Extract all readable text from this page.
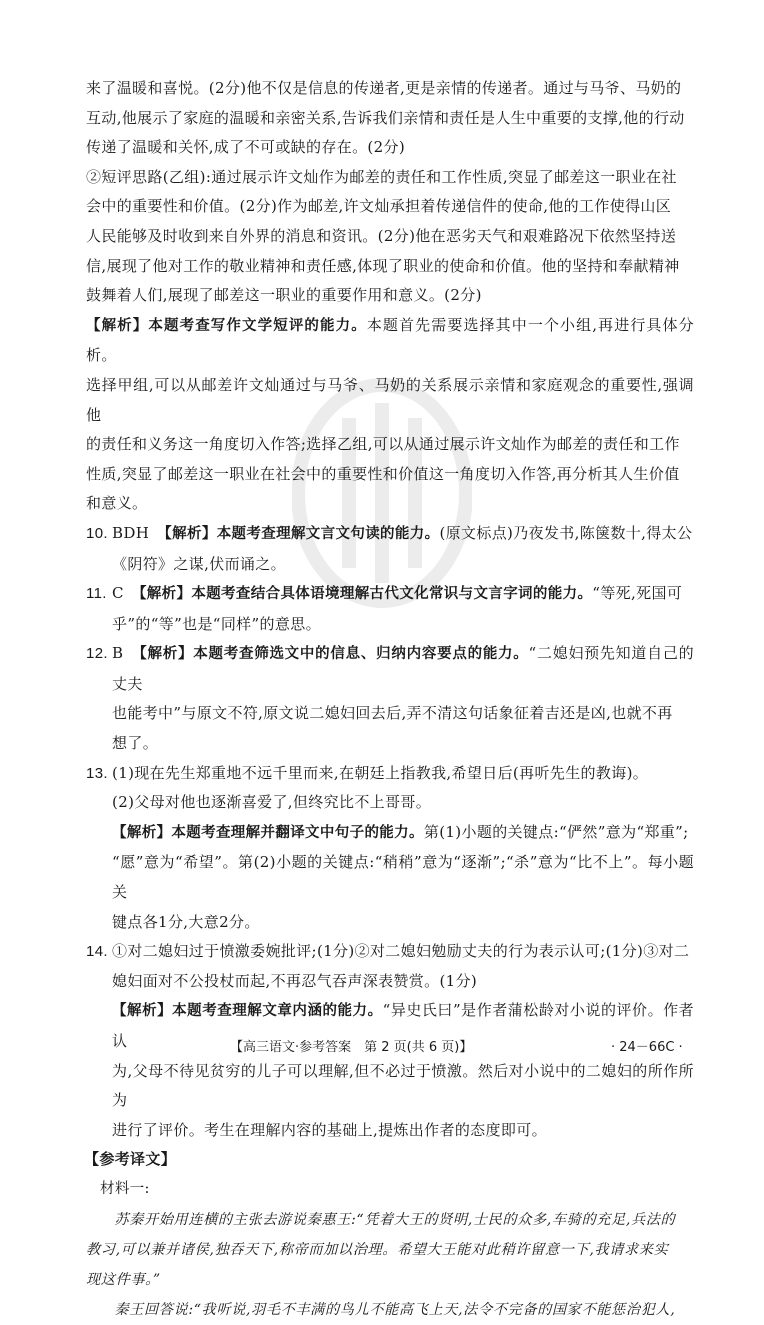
来了温暖和喜悦。(2分)他不仅是信息的传递者,更是亲情的传递者。通过与马爷、马奶的

互动,他展示了家庭的温暖和亲密关系,告诉我们亲情和责任是人生中重要的支撑,他的行动

传递了温暖和关怀,成了不可或缺的存在。(2分)

②短评思路(乙组):通过展示许文灿作为邮差的责任和工作性质,突显了邮差这一职业在社

会中的重要性和价值。(2分)作为邮差,许文灿承担着传递信件的使命,他的工作使得山区

人民能够及时收到来自外界的消息和资讯。(2分)他在恶劣天气和艰难路况下依然坚持送

信,展现了他对工作的敬业精神和责任感,体现了职业的使命和价值。他的坚持和奉献精神

鼓舞着人们,展现了邮差这一职业的重要作用和意义。(2分)

【解析】本题考查写作文学短评的能力。本题首先需要选择其中一个小组,再进行具体分析。

选择甲组,可以从邮差许文灿通过与马爷、马奶的关系展示亲情和家庭观念的重要性,强调他

的责任和义务这一角度切入作答;选择乙组,可以从通过展示许文灿作为邮差的责任和工作

性质,突显了邮差这一职业在社会中的重要性和价值这一角度切入作答,再分析其人生价值

和意义。

10. BDH　 【解析】本题考查理解文言文句读的能力。(原文标点)乃夜发书,陈箧数十,得太公

《阴符》之谋,伏而诵之。

11. C　 【解析】本题考查结合具体语境理解古代文化常识与文言字词的能力。“等死,死国可

乎”的“等”也是“同样”的意思。

12. B　 【解析】本题考查筛选文中的信息、归纳内容要点的能力。“二媳妇预先知道自己的丈夫

也能考中”与原文不符,原文说二媳妇回去后,弄不清这句话象征着吉还是凶,也就不再

想了。

13. (1)现在先生郑重地不远千里而来,在朝廷上指教我,希望日后(再听先生的教诲)。

(2)父母对他也逐渐喜爱了,但终究比不上哥哥。

【解析】本题考查理解并翻译文中句子的能力。第(1)小题的关键点:“俨然”意为“郑重”;

“愿”意为“希望”。第(2)小题的关键点:“稍稍”意为“逐渐”;“杀”意为“比不上”。每小题关

键点各1分,大意2分。

14. ①对二媳妇过于愤激委婉批评;(1分)②对二媳妇勉励丈夫的行为表示认可;(1分)③对二

媳妇面对不公投杖而起,不再忍气吞声深表赞赏。(1分)

【解析】本题考查理解文章内涵的能力。“异史氏曰”是作者蒲松龄对小说的评价。作者认

为,父母不待见贫穷的儿子可以理解,但不必过于愤激。然后对小说中的二媳妇的所作所为

进行了评价。考生在理解内容的基础上,提炼出作者的态度即可。

【参考译文】

材料一:

苏秦开始用连横的主张去游说秦惠王:“凭着大王的贤明,士民的众多,车骑的充足,兵法的

教习,可以兼并诸侯,独吞天下,称帝而加以治理。希望大王能对此稍许留意一下,我请求来实

现这件事。”

秦王回答说:“我听说,羽毛不丰满的鸟儿不能高飞上天,法令不完备的国家不能惩治犯人,

【高三语文·参考答案　第 2 页(共 6 页)】	· 24－66C ·
